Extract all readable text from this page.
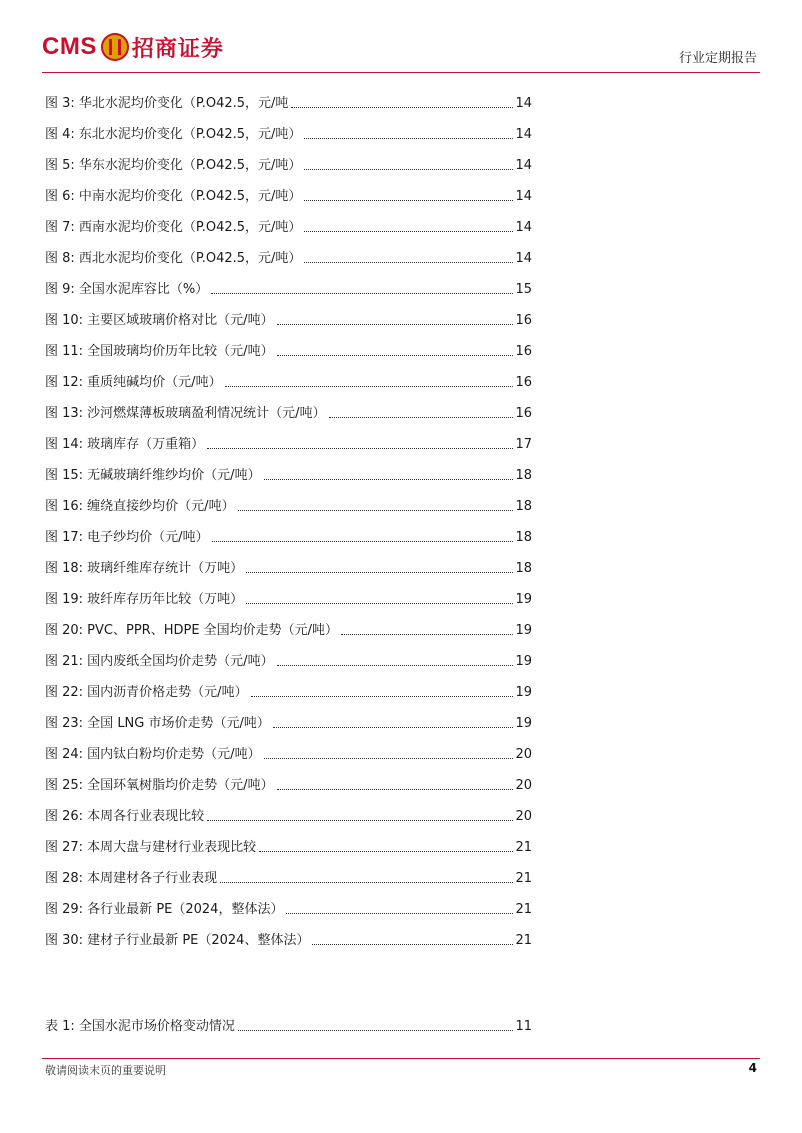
CMS 招商证券	行业定期报告
图 3: 华北水泥均价变化（P.O42.5，元/吨	14
图 4: 东北水泥均价变化（P.O42.5，元/吨）	14
图 5: 华东水泥均价变化（P.O42.5，元/吨）	14
图 6: 中南水泥均价变化（P.O42.5，元/吨）	14
图 7: 西南水泥均价变化（P.O42.5，元/吨）	14
图 8: 西北水泥均价变化（P.O42.5，元/吨）	14
图 9: 全国水泥库容比（%）	15
图 10: 主要区域玻璃价格对比（元/吨）	16
图 11: 全国玻璃均价历年比较（元/吨）	16
图 12: 重质纯碱均价（元/吨）	16
图 13: 沙河燃煤薄板玻璃盈利情况统计（元/吨）	16
图 14: 玻璃库存（万重箱）	17
图 15: 无碱玻璃纤维纱均价（元/吨）	18
图 16: 缠绕直接纱均价（元/吨）	18
图 17: 电子纱均价（元/吨）	18
图 18: 玻璃纤维库存统计（万吨）	18
图 19: 玻纤库存历年比较（万吨）	19
图 20: PVC、PPR、HDPE 全国均价走势（元/吨）	19
图 21: 国内废纸全国均价走势（元/吨）	19
图 22: 国内沥青价格走势（元/吨）	19
图 23: 全国 LNG 市场价走势（元/吨）	19
图 24: 国内钛白粉均价走势（元/吨）	20
图 25: 全国环氧树脂均价走势（元/吨）	20
图 26: 本周各行业表现比较	20
图 27: 本周大盘与建材行业表现比较	21
图 28: 本周建材各子行业表现	21
图 29: 各行业最新 PE（2024，整体法）	21
图 30: 建材子行业最新 PE（2024、整体法）	21
表 1: 全国水泥市场价格变动情况	11
敬请阅读末页的重要说明	4
